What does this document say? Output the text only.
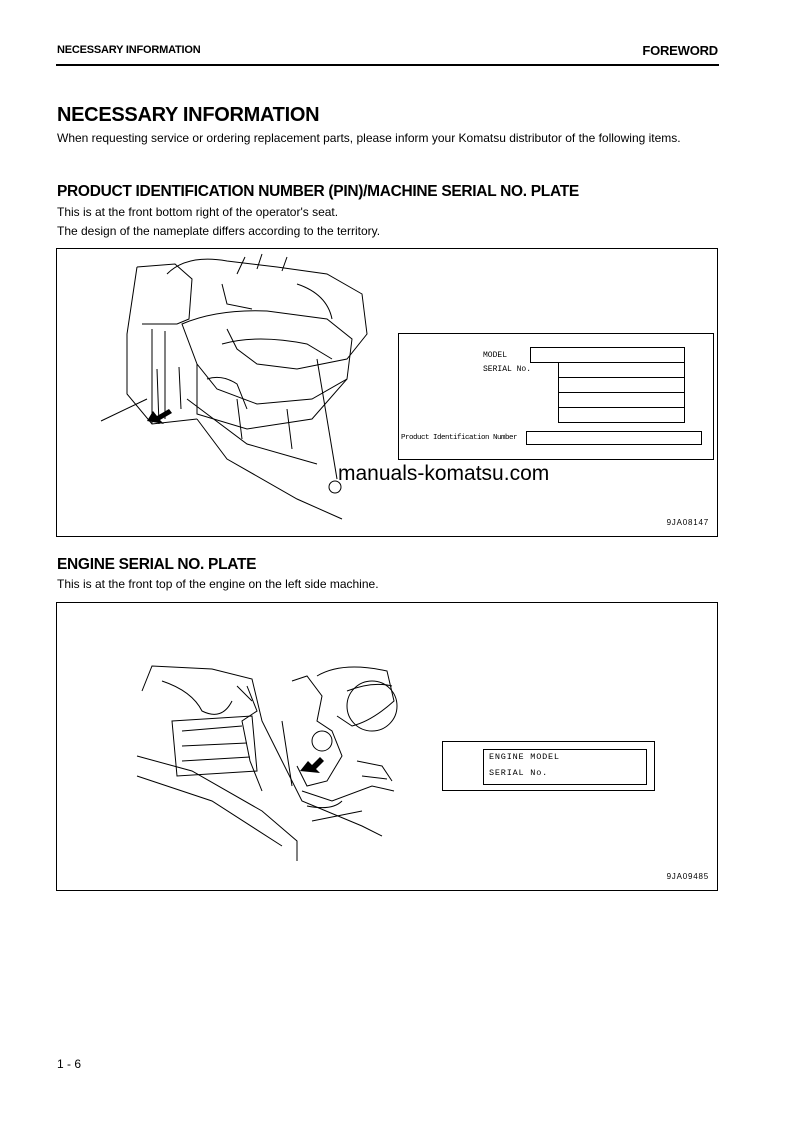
NECESSARY INFORMATION	FOREWORD
NECESSARY INFORMATION

When requesting service or ordering replacement parts, please inform your Komatsu distributor of the following items.

PRODUCT IDENTIFICATION NUMBER (PIN)/MACHINE SERIAL NO. PLATE

This is at the front bottom right of the operator's seat.

The design of the nameplate differs according to the territory.

MODEL
SERIAL No.
Product Identification Number
9JA08147
manuals-komatsu.com
ENGINE SERIAL NO. PLATE

This is at the front top of the engine on the left side machine.

ENGINE MODEL
SERIAL No.
9JA09485
1 - 6
